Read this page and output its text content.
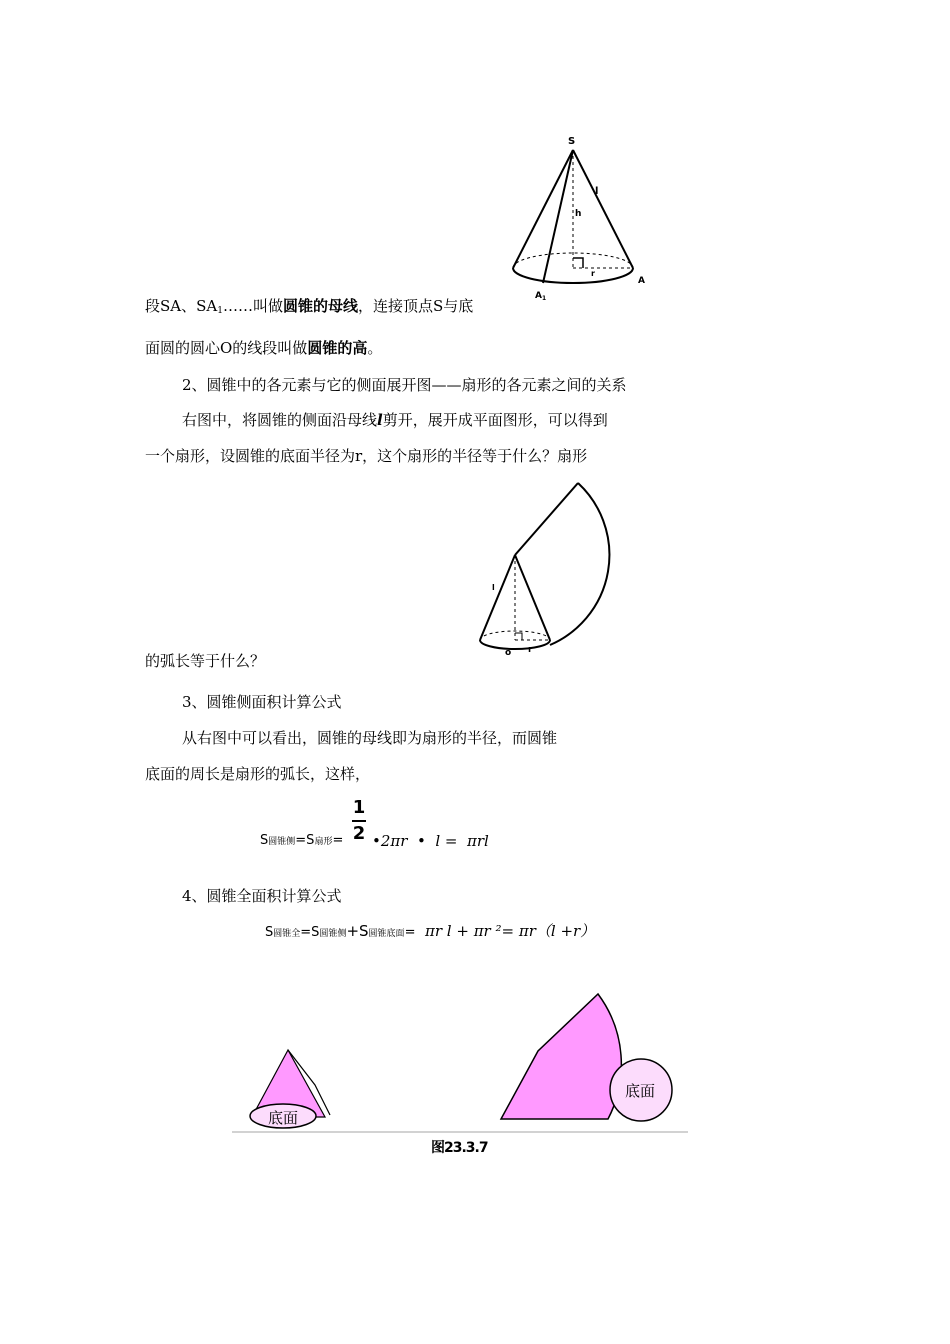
S
l
h
r
A
$A_1$
段SA、$SA_1\dots\dots$叫做圆锥的母线，连接顶点S与底
面圆的圆心O的线段叫做圆锥的高。
2、圆锥中的各元素与它的侧面展开图——扇形的各元素之间的关系
右图中，将圆锥的侧面沿母线l剪开，展开成平面图形，可以得到
一个扇形，设圆锥的底面半径为r，这个扇形的半径等于什么？扇形
l
r
o
的弧长等于什么？
3、圆锥侧面积计算公式
从右图中可以看出，圆锥的母线即为扇形的半径，而圆锥
底面的周长是扇形的弧长，这样，
S圆锥侧=S扇形=
1
2 •2πr  •  l =  πrl
4、圆锥全面积计算公式
S圆锥全=S圆锥侧+S圆锥底面=  πr l + πr ²= πr（l +r）
底面
底面
图23.3.7
